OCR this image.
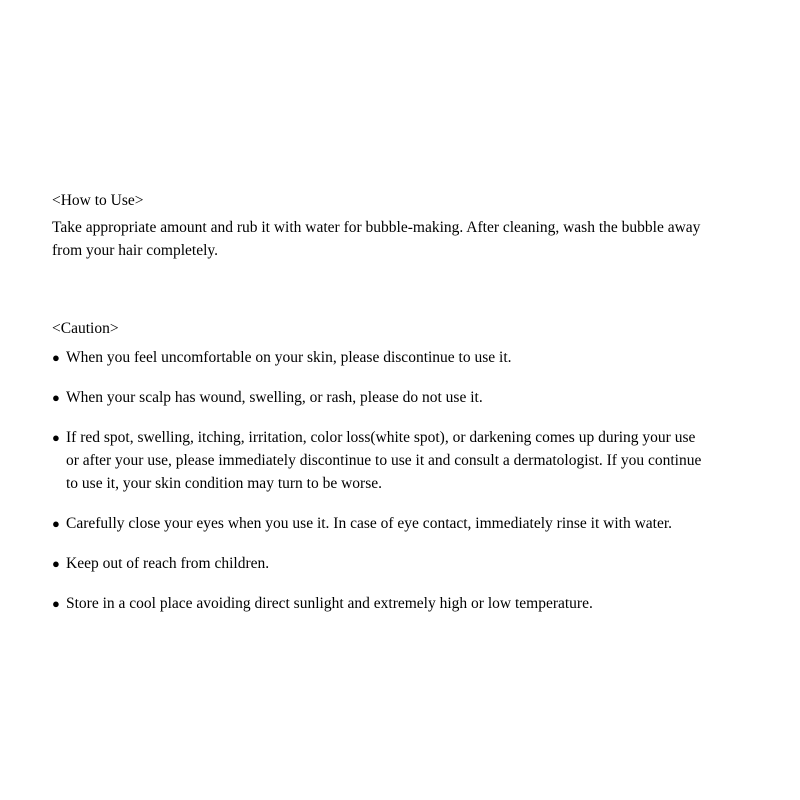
<How to Use>

Take appropriate amount and rub it with water for bubble-making. After cleaning, wash the bubble away from your hair completely.

<Caution>

● When you feel uncomfortable on your skin, please discontinue to use it.
● When your scalp has wound, swelling, or rash, please do not use it.
● If red spot, swelling, itching, irritation, color loss(white spot), or darkening comes up during your use or after your use, please immediately discontinue to use it and consult a dermatologist. If you continue to use it, your skin condition may turn to be worse.
● Carefully close your eyes when you use it. In case of eye contact, immediately rinse it with water.
● Keep out of reach from children.
● Store in a cool place avoiding direct sunlight and extremely high or low temperature.
